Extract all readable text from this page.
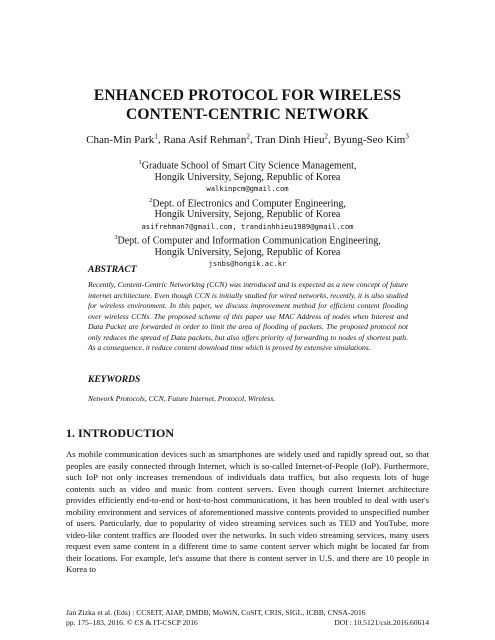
ENHANCED PROTOCOL FOR WIRELESS
CONTENT-CENTRIC NETWORK
Chan-Min Park$^1$, Rana Asif Rehman$^2$, Tran Dinh Hieu$^2$, Byung-Seo Kim$^3$
$^1$Graduate School of Smart City Science Management,
Hongik University, Sejong, Republic of Korea
walkinpcm@gmail.com
$^2$Dept. of Electronics and Computer Engineering,
Hongik University, Sejong, Republic of Korea
asifrehman7@gmail.com, trandinhhieu1989@gmail.com
$^3$Dept. of Computer and Information Communication Engineering,
Hongik University, Sejong, Republic of Korea
jsnbs@hongik.ac.kr
ABSTRACT
Recently, Content-Centric Networking (CCN) was introduced and is expected as a new concept of future internet architecture. Even though CCN is initially studied for wired networks, recently, it is also studied for wireless environment. In this paper, we discuss improvement method for efficient content flooding over wireless CCNs. The proposed scheme of this paper use MAC Address of nodes when Interest and Data Packet are forwarded in order to limit the area of flooding of packets. The proposed protocol not only reduces the spread of Data packets, but also offers priority of forwarding to nodes of shortest path. As a consequence, it reduce content download time which is proved by extensive simulations.
KEYWORDS
Network Protocols, CCN, Future Internet, Protocol, Wireless.
1. INTRODUCTION
As mobile communication devices such as smartphones are widely used and rapidly spread out, so that peoples are easily connected through Internet, which is so-called Internet-of-People (IoP). Furthermore, such IoP not only increases tremendous of individuals data traffics, but also requests lots of huge contents such as video and music from content servers. Even though current Internet architecture provides efficiently end-to-end or host-to-host communications, it has been troubled to deal with user's mobility environment and services of aforementioned massive contents provided to unspecified number of users. Particularly, due to popularity of video streaming services such as TED and YouTube, more video-like content traffics are flooded over the networks. In such video streaming services, many users request even same content in a different time to same content server which might be located far from their locations. For example, let's assume that there is content server in U.S. and there are 10 people in Korea to
Jan Zizka et al. (Eds) : CCSEIT, AIAP, DMDB, MoWiN, CoSIT, CRIS, SIGL, ICBB, CNSA-2016
pp. 175–183, 2016. © CS & IT-CSCP 2016	DOI : 10.5121/csit.2016.60614
